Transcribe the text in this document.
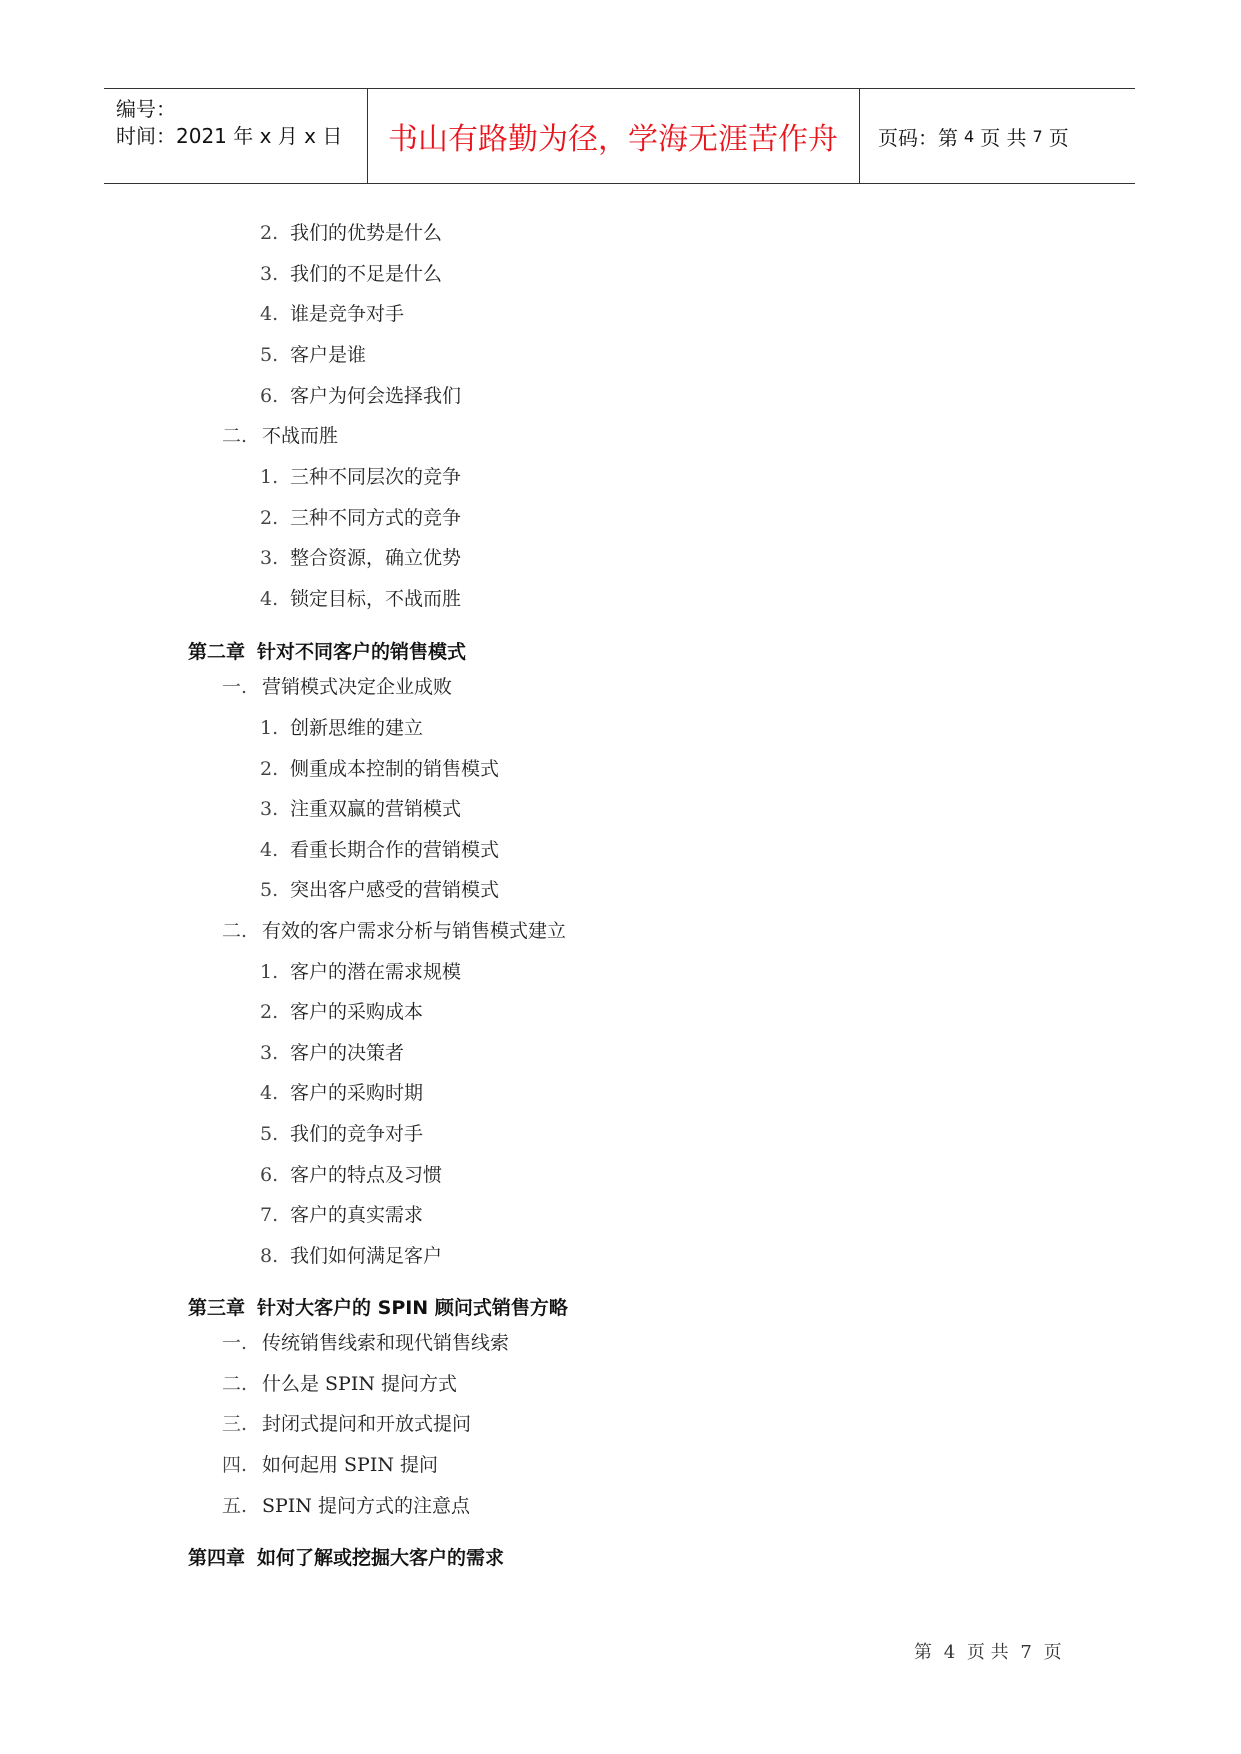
编号：
时间：2021 年 x 月 x 日	书山有路勤为径，学海无涯苦作舟	页码：第 4 页 共 7 页
2. 我们的优势是什么
3. 我们的不足是什么
4. 谁是竞争对手
5. 客户是谁
6. 客户为何会选择我们
二. 不战而胜
1. 三种不同层次的竞争
2. 三种不同方式的竞争
3. 整合资源，确立优势
4. 锁定目标，不战而胜
第二章 针对不同客户的销售模式
一. 营销模式决定企业成败
1. 创新思维的建立
2. 侧重成本控制的销售模式
3. 注重双赢的营销模式
4. 看重长期合作的营销模式
5. 突出客户感受的营销模式
二. 有效的客户需求分析与销售模式建立
1. 客户的潜在需求规模
2. 客户的采购成本
3. 客户的决策者
4. 客户的采购时期
5. 我们的竞争对手
6. 客户的特点及习惯
7. 客户的真实需求
8. 我们如何满足客户
第三章 针对大客户的 SPIN 顾问式销售方略
一. 传统销售线索和现代销售线索
二. 什么是 SPIN 提问方式
三. 封闭式提问和开放式提问
四. 如何起用 SPIN 提问
五. SPIN 提问方式的注意点
第四章 如何了解或挖掘大客户的需求
第 4 页 共 7 页
